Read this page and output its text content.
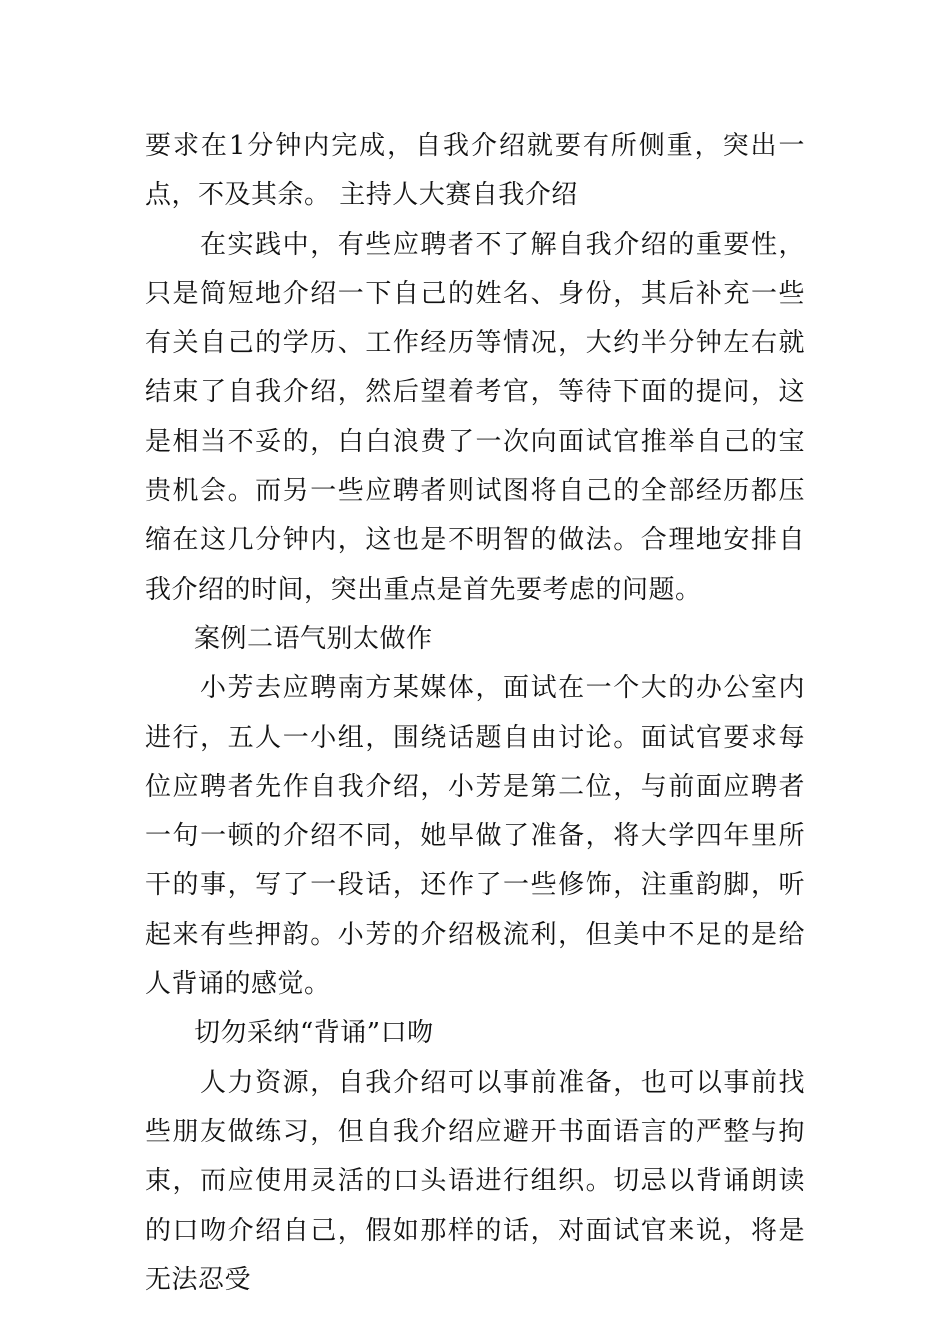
要求在1分钟内完成，自我介绍就要有所侧重，突出一点，不及其余。 主持人大赛自我介绍

在实践中，有些应聘者不了解自我介绍的重要性，只是简短地介绍一下自己的姓名、身份，其后补充一些有关自己的学历、工作经历等情况，大约半分钟左右就结束了自我介绍，然后望着考官，等待下面的提问，这是相当不妥的，白白浪费了一次向面试官推举自己的宝贵机会。而另一些应聘者则试图将自己的全部经历都压缩在这几分钟内，这也是不明智的做法。合理地安排自我介绍的时间，突出重点是首先要考虑的问题。

案例二语气别太做作

小芳去应聘南方某媒体，面试在一个大的办公室内进行，五人一小组，围绕话题自由讨论。面试官要求每位应聘者先作自我介绍，小芳是第二位，与前面应聘者一句一顿的介绍不同，她早做了准备，将大学四年里所干的事，写了一段话，还作了一些修饰，注重韵脚，听起来有些押韵。小芳的介绍极流利，但美中不足的是给人背诵的感觉。

切勿采纳“背诵”口吻

人力资源，自我介绍可以事前准备，也可以事前找些朋友做练习，但自我介绍应避开书面语言的严整与拘束，而应使用灵活的口头语进行组织。切忌以背诵朗读的口吻介绍自己，假如那样的话，对面试官来说，将是无法忍受
